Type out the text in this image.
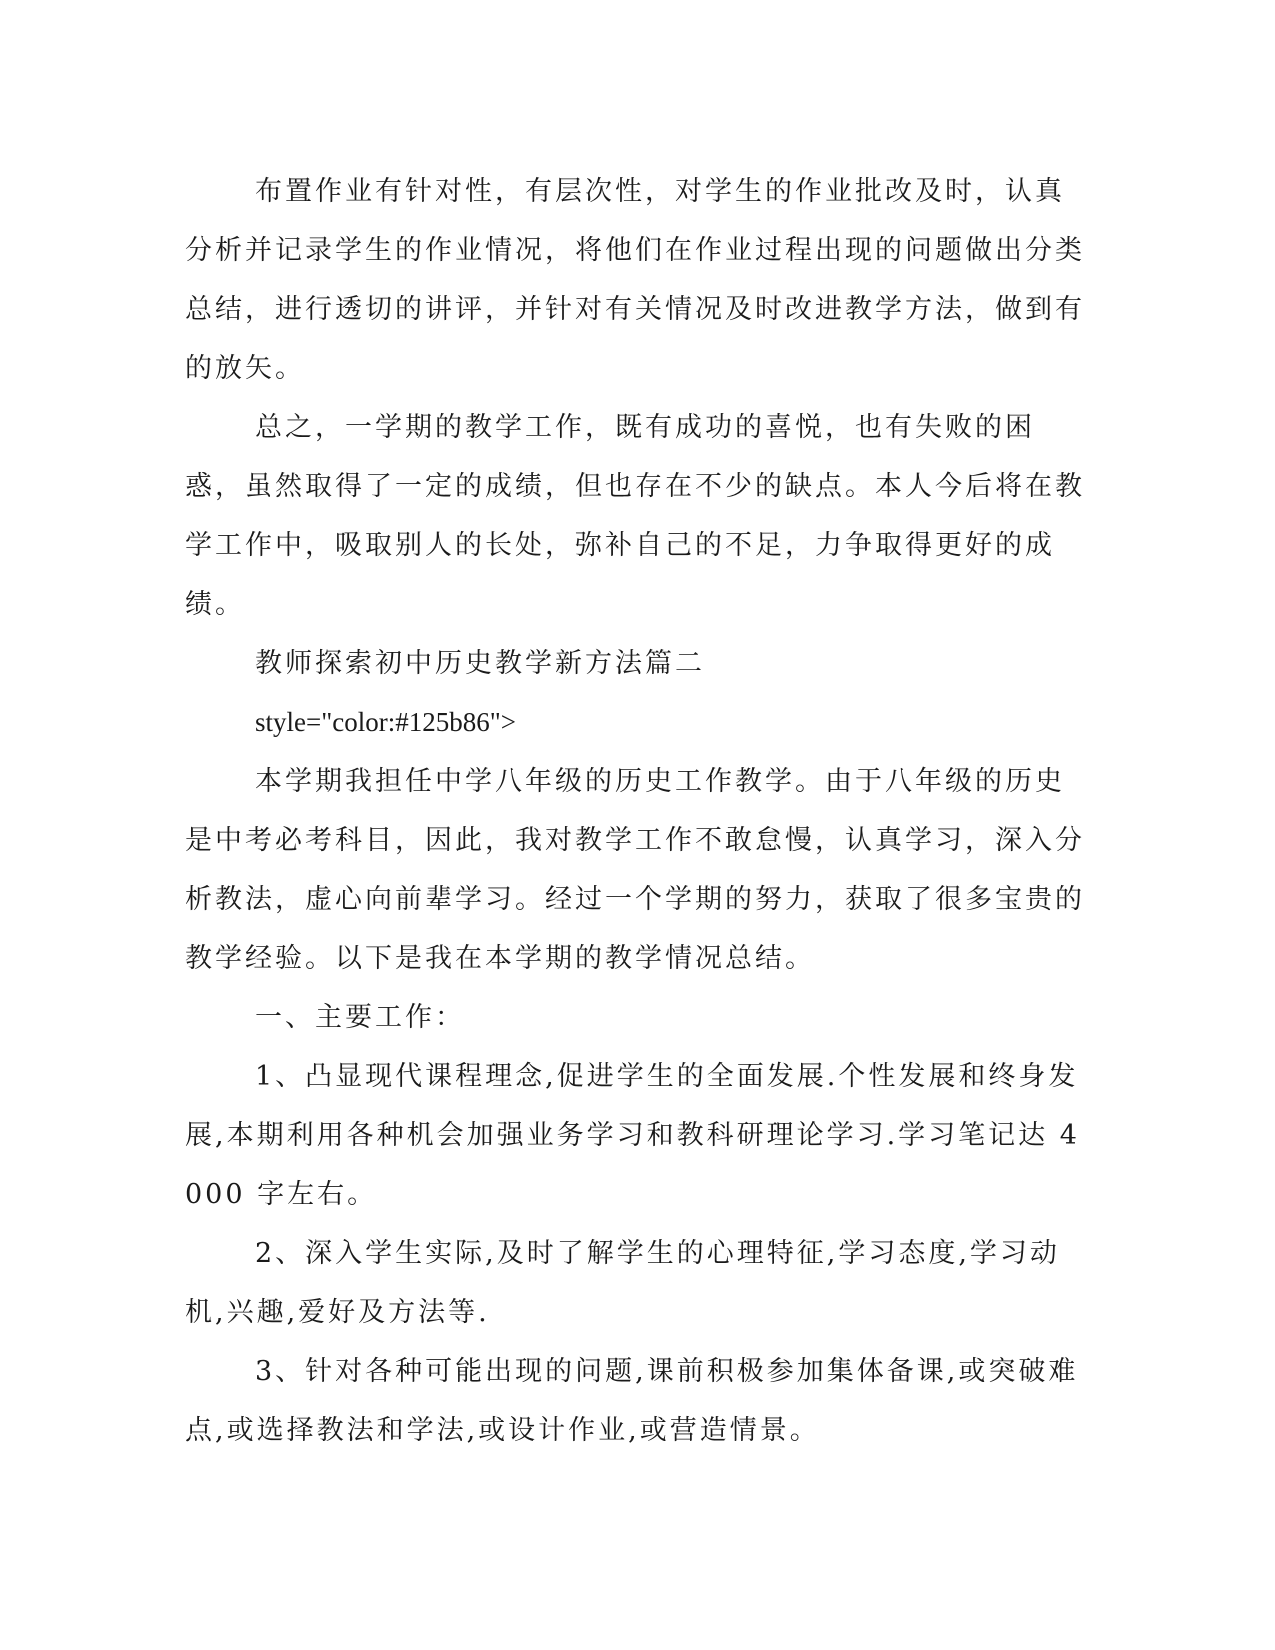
布置作业有针对性，有层次性，对学生的作业批改及时，认真分析并记录学生的作业情况，将他们在作业过程出现的问题做出分类总结，进行透切的讲评，并针对有关情况及时改进教学方法，做到有的放矢。

总之，一学期的教学工作，既有成功的喜悦，也有失败的困惑，虽然取得了一定的成绩，但也存在不少的缺点。本人今后将在教学工作中，吸取别人的长处，弥补自己的不足，力争取得更好的成绩。

教师探索初中历史教学新方法篇二

style="color:#125b86">

本学期我担任中学八年级的历史工作教学。由于八年级的历史是中考必考科目，因此，我对教学工作不敢怠慢，认真学习，深入分析教法，虚心向前辈学习。经过一个学期的努力，获取了很多宝贵的教学经验。以下是我在本学期的教学情况总结。

一、主要工作：

1、凸显现代课程理念,促进学生的全面发展.个性发展和终身发展,本期利用各种机会加强业务学习和教科研理论学习.学习笔记达 4000 字左右。

2、深入学生实际,及时了解学生的心理特征,学习态度,学习动机,兴趣,爱好及方法等.

3、针对各种可能出现的问题,课前积极参加集体备课,或突破难点,或选择教法和学法,或设计作业,或营造情景。
